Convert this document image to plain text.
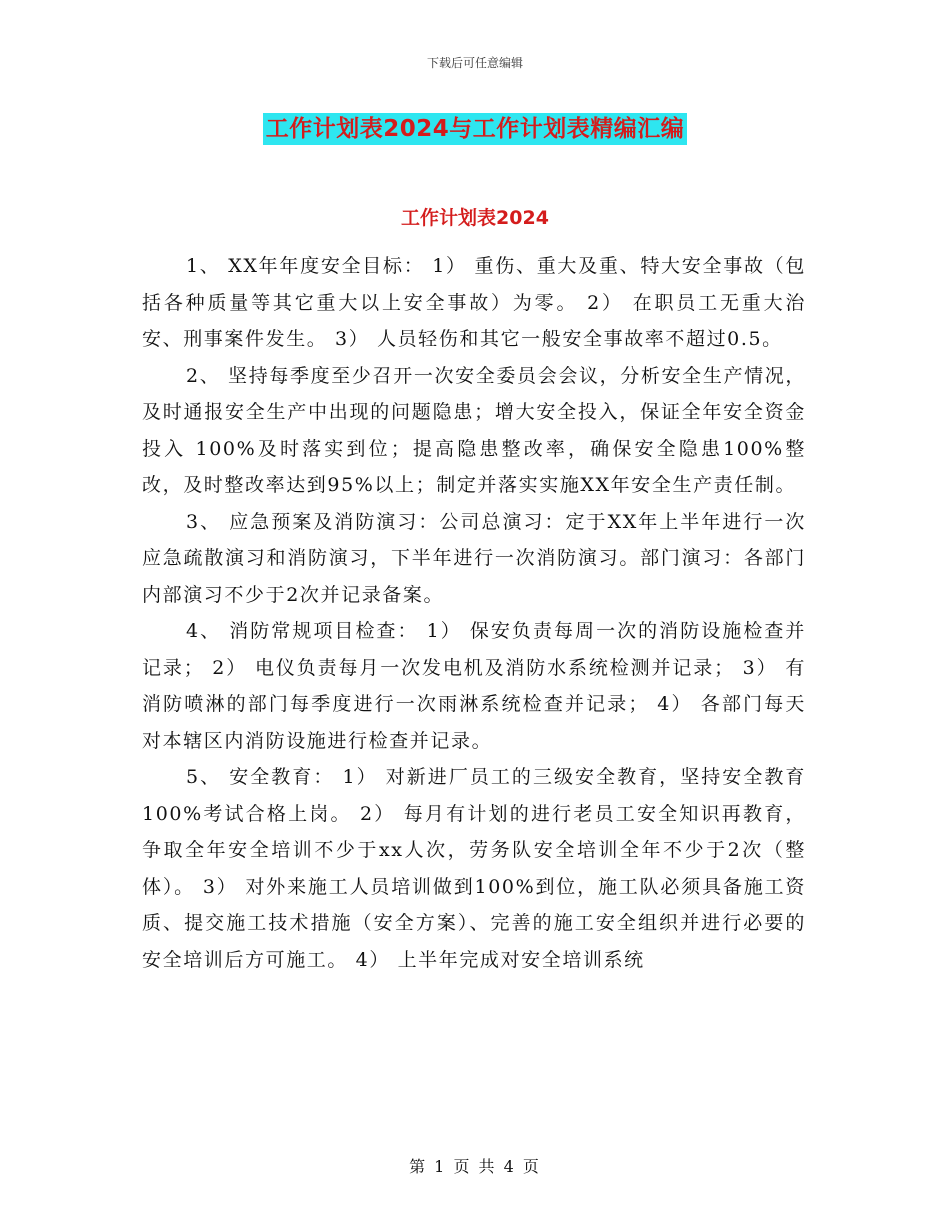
下载后可任意编辑
工作计划表2024与工作计划表精编汇编
工作计划表2024

1、 XX年年度安全目标： 1） 重伤、重大及重、特大安全事故（包括各种质量等其它重大以上安全事故）为零。 2） 在职员工无重大治安、刑事案件发生。 3） 人员轻伤和其它一般安全事故率不超过0.5。

2、 坚持每季度至少召开一次安全委员会会议，分析安全生产情况，及时通报安全生产中出现的问题隐患；增大安全投入，保证全年安全资金投入 100%及时落实到位；提高隐患整改率，确保安全隐患100%整改，及时整改率达到95%以上；制定并落实实施XX年安全生产责任制。

3、 应急预案及消防演习：公司总演习：定于XX年上半年进行一次应急疏散演习和消防演习，下半年进行一次消防演习。部门演习：各部门内部演习不少于2次并记录备案。

4、 消防常规项目检查： 1） 保安负责每周一次的消防设施检查并记录； 2） 电仪负责每月一次发电机及消防水系统检测并记录； 3） 有消防喷淋的部门每季度进行一次雨淋系统检查并记录； 4） 各部门每天对本辖区内消防设施进行检查并记录。

5、 安全教育： 1） 对新进厂员工的三级安全教育，坚持安全教育100%考试合格上岗。 2） 每月有计划的进行老员工安全知识再教育，争取全年安全培训不少于xx人次，劳务队安全培训全年不少于2次（整体）。 3） 对外来施工人员培训做到100%到位，施工队必须具备施工资质、提交施工技术措施（安全方案）、完善的施工安全组织并进行必要的安全培训后方可施工。 4） 上半年完成对安全培训系统

第 1 页 共 4 页
